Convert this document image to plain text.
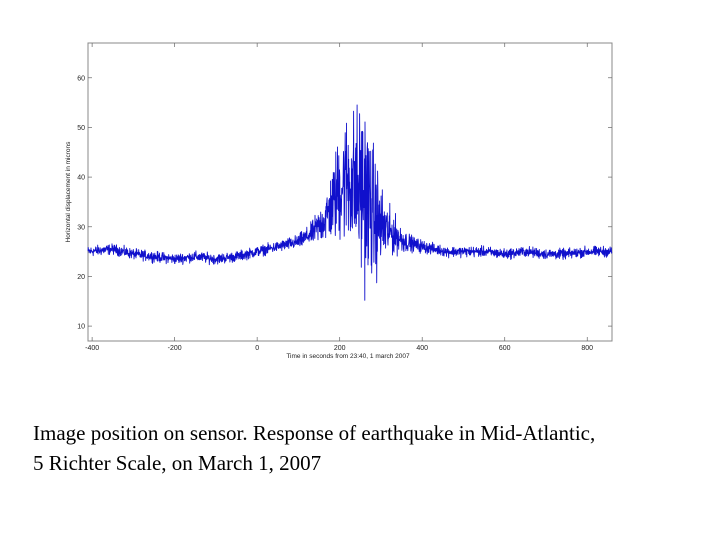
-400	-200	0	200	400	600	800
10
20
30
40
50
60
Time in seconds from 23:40, 1 march 2007
Horizontal displacement in microns
Image position on sensor. Response of earthquake in Mid-Atlantic,
5 Richter Scale, on March 1, 2007
